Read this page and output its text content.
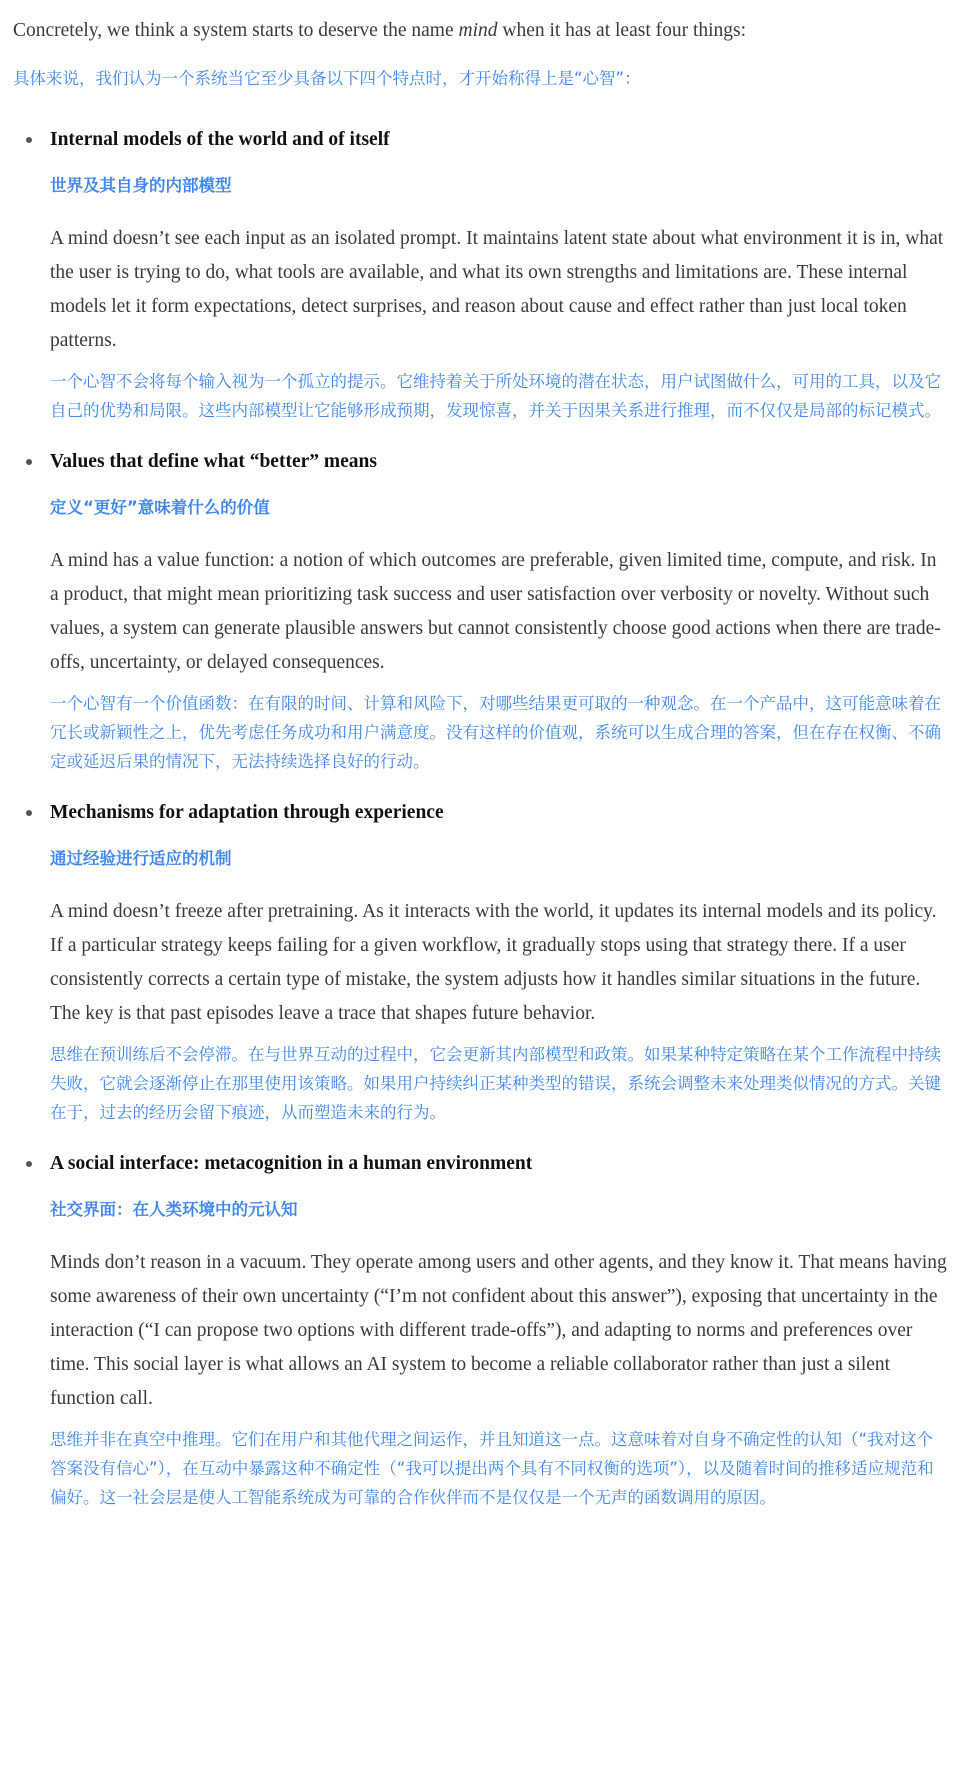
Concretely, we think a system starts to deserve the name mind when it has at least four things:

具体来说，我们认为一个系统当它至少具备以下四个特点时，才开始称得上是“心智”：

Internal models of the world and of itself

世界及其自身的内部模型

A mind doesn’t see each input as an isolated prompt. It maintains latent state about what environment it is in, what the user is trying to do, what tools are available, and what its own strengths and limitations are. These internal models let it form expectations, detect surprises, and reason about cause and effect rather than just local token patterns.

一个心智不会将每个输入视为一个孤立的提示。它维持着关于所处环境的潜在状态，用户试图做什么，可用的工具，以及它自己的优势和局限。这些内部模型让它能够形成预期，发现惊喜，并关于因果关系进行推理，而不仅仅是局部的标记模式。

Values that define what “better” means

定义“更好”意味着什么的价值

A mind has a value function: a notion of which outcomes are preferable, given limited time, compute, and risk. In a product, that might mean prioritizing task success and user satisfaction over verbosity or novelty. Without such values, a system can generate plausible answers but cannot consistently choose good actions when there are trade-offs, uncertainty, or delayed consequences.

一个心智有一个价值函数：在有限的时间、计算和风险下，对哪些结果更可取的一种观念。在一个产品中，这可能意味着在冗长或新颖性之上，优先考虑任务成功和用户满意度。没有这样的价值观，系统可以生成合理的答案，但在存在权衡、不确定或延迟后果的情况下，无法持续选择良好的行动。

Mechanisms for adaptation through experience

通过经验进行适应的机制

A mind doesn’t freeze after pretraining. As it interacts with the world, it updates its internal models and its policy. If a particular strategy keeps failing for a given workflow, it gradually stops using that strategy there. If a user consistently corrects a certain type of mistake, the system adjusts how it handles similar situations in the future. The key is that past episodes leave a trace that shapes future behavior.

思维在预训练后不会停滞。在与世界互动的过程中，它会更新其内部模型和政策。如果某种特定策略在某个工作流程中持续失败，它就会逐渐停止在那里使用该策略。如果用户持续纠正某种类型的错误，系统会调整未来处理类似情况的方式。关键在于，过去的经历会留下痕迹，从而塑造未来的行为。

A social interface: metacognition in a human environment

社交界面：在人类环境中的元认知

Minds don’t reason in a vacuum. They operate among users and other agents, and they know it. That means having some awareness of their own uncertainty (“I’m not confident about this answer”), exposing that uncertainty in the interaction (“I can propose two options with different trade-offs”), and adapting to norms and preferences over time. This social layer is what allows an AI system to become a reliable collaborator rather than just a silent function call.

思维并非在真空中推理。它们在用户和其他代理之间运作，并且知道这一点。这意味着对自身不确定性的认知（“我对这个答案没有信心”），在互动中暴露这种不确定性（“我可以提出两个具有不同权衡的选项”），以及随着时间的推移适应规范和偏好。这一社会层是使人工智能系统成为可靠的合作伙伴而不是仅仅是一个无声的函数调用的原因。
